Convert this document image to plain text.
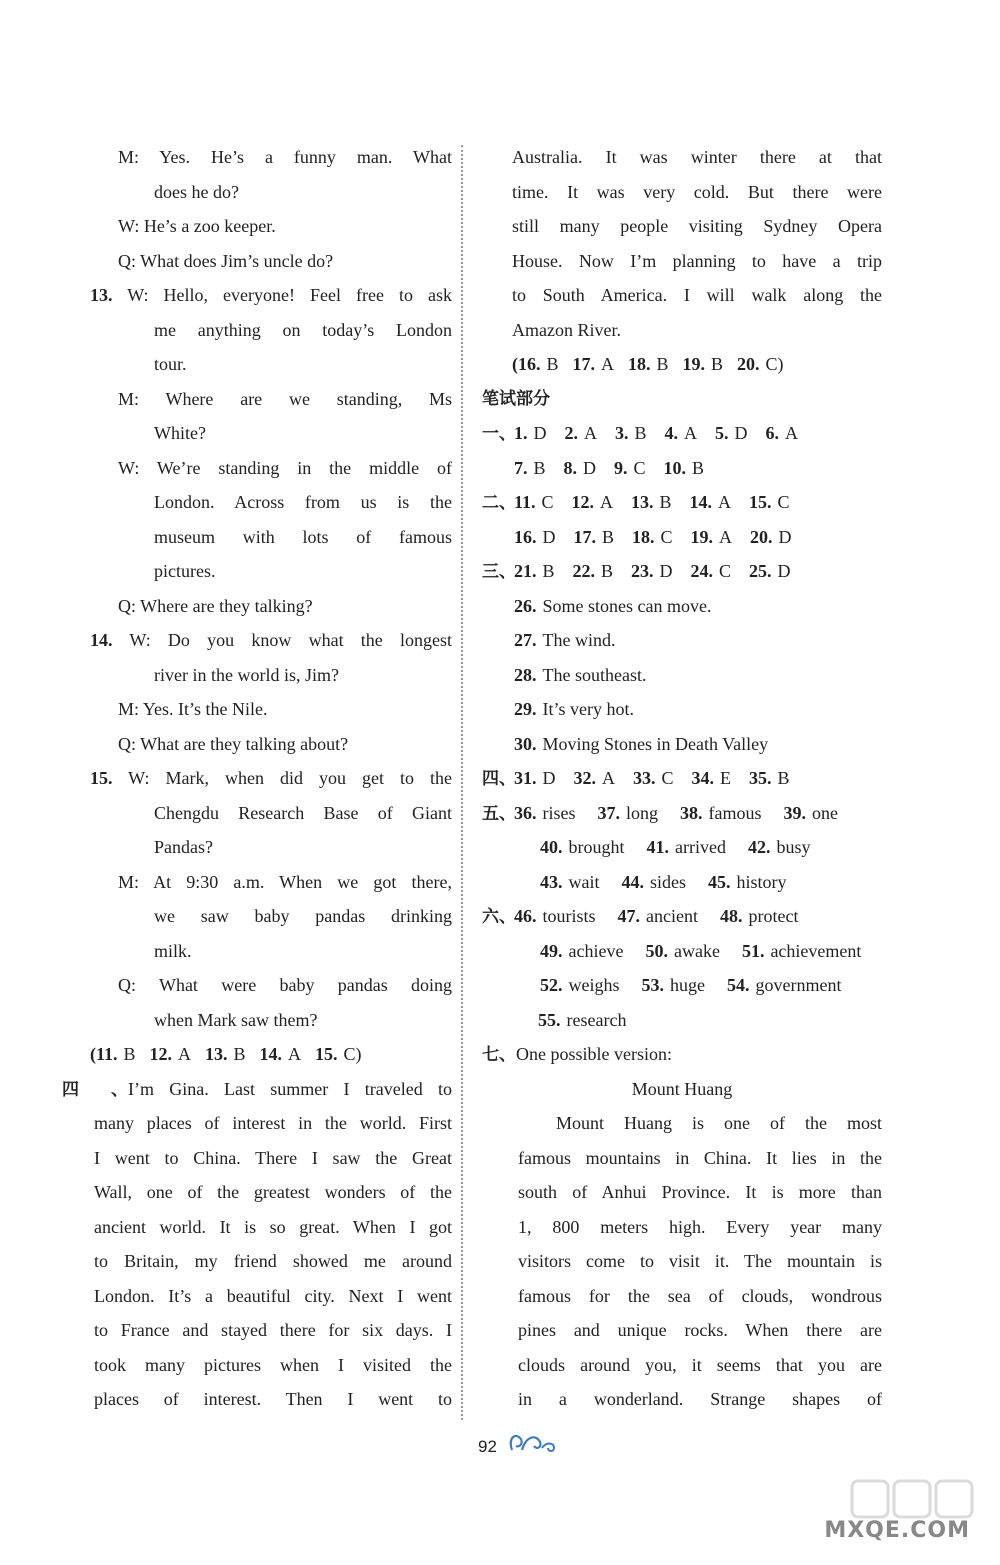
M: Yes. He’s a funny man. What
does he do?
W: He’s a zoo keeper.
Q: What does Jim’s uncle do?
13. W: Hello, everyone! Feel free to ask
me anything on today’s London
tour.
M: Where are we standing, Ms
White?
W: We’re standing in the middle of
London. Across from us is the
museum with lots of famous
pictures.
Q: Where are they talking?
14. W: Do you know what the longest
river in the world is, Jim?
M: Yes. It’s the Nile.
Q: What are they talking about?
15. W: Mark, when did you get to the
Chengdu Research Base of Giant
Pandas?
M: At 9:30 a.m. When we got there,
we saw baby pandas drinking
milk.
Q: What were baby pandas doing
when Mark saw them?
(11. B 12. A 13. B 14. A 15. C)
四、I’m Gina. Last summer I traveled to
many places of interest in the world. First
I went to China. There I saw the Great
Wall, one of the greatest wonders of the
ancient world. It is so great. When I got
to Britain, my friend showed me around
London. It’s a beautiful city. Next I went
to France and stayed there for six days. I
took many pictures when I visited the
places of interest. Then I went to
Australia. It was winter there at that
time. It was very cold. But there were
still many people visiting Sydney Opera
House. Now I’m planning to have a trip
to South America. I will walk along the
Amazon River.
(16. B 17. A 18. B 19. B 20. C)
笔试部分
一、1. D 2. A 3. B 4. A 5. D 6. A
7. B 8. D 9. C 10. B
二、11. C 12. A 13. B 14. A 15. C
16. D 17. B 18. C 19. A 20. D
三、21. B 22. B 23. D 24. C 25. D
26. Some stones can move.
27. The wind.
28. The southeast.
29. It’s very hot.
30. Moving Stones in Death Valley
四、31. D 32. A 33. C 34. E 35. B
五、36. rises 37. long 38. famous 39. one
40. brought 41. arrived 42. busy
43. wait 44. sides 45. history
六、46. tourists 47. ancient 48. protect
49. achieve 50. awake 51. achievement
52. weighs 53. huge 54. government
55. research
七、One possible version:
Mount Huang
Mount Huang is one of the most
famous mountains in China. It lies in the
south of Anhui Province. It is more than
1, 800 meters high. Every year many
visitors come to visit it. The mountain is
famous for the sea of clouds, wondrous
pines and unique rocks. When there are
clouds around you, it seems that you are
in a wonderland. Strange shapes of
92
MXQE.COM
